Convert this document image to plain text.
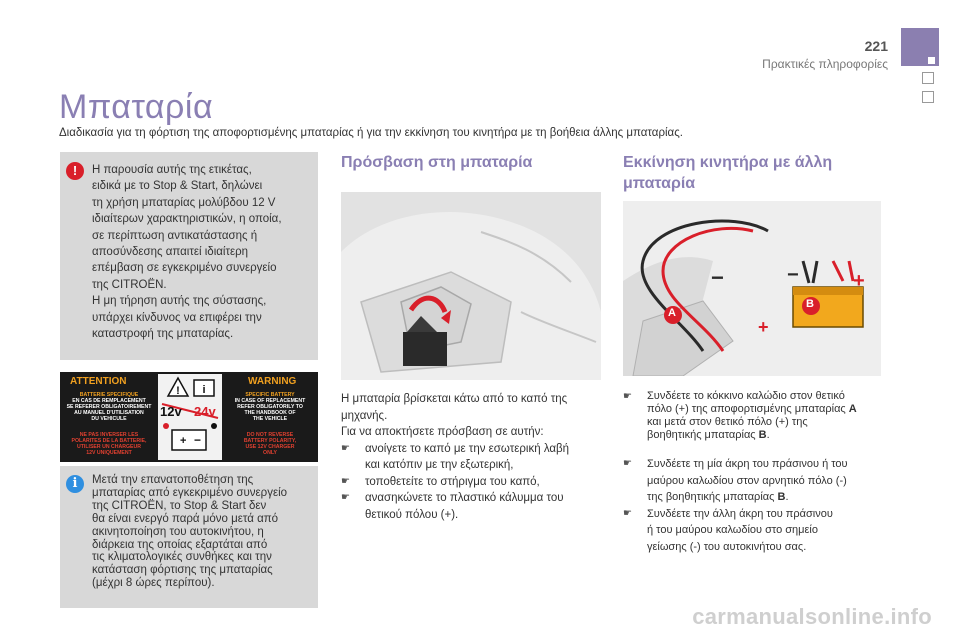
221
Πρακτικές πληροφορίες
Μπαταρία
Διαδικασία για τη φόρτιση της αποφορτισμένης μπαταρίας ή για την εκκίνηση του κινητήρα με τη βοήθεια άλλης μπαταρίας.
!	Η παρουσία αυτής της ετικέτας,
ειδικά με το Stop & Start, δηλώνει
τη χρήση μπαταρίας μολύβδου 12 V
ιδιαίτερων χαρακτηριστικών, η οποία,
σε περίπτωση αντικατάστασης ή
αποσύνδεσης απαιτεί ιδιαίτερη
επέμβαση σε εγκεκριμένο συνεργείο
της CITROËN.
Η μη τήρηση αυτής της σύστασης,
υπάρχει κίνδυνος να επιφέρει την
καταστροφή της μπαταρίας.
ATTENTION	WARNING
BATTERIE SPECIFIQUE
EN CAS DE REMPLACEMENT
SE REFERER OBLIGATOIREMENT
AU MANUEL D'UTILISATION
DU VEHICULE
NE PAS INVERSER LES
POLARITES DE LA BATTERIE,
UTILISER UN CHARGEUR
12V UNIQUEMENT
! i
+ −
12v 24v
SPECIFIC BATTERY
IN CASE OF REPLACEMENT
REFER OBLIGATORILY TO
THE HANDBOOK OF
THE VEHICLE
DO NOT REVERSE
BATTERY POLARITY,
USE 12V CHARGER
ONLY
i	Μετά την επανατοποθέτηση της
μπαταρίας από εγκεκριμένο συνεργείο
της CITROËN, το Stop & Start δεν
θα είναι ενεργό παρά μόνο μετά από
ακινητοποίηση του αυτοκινήτου, η
διάρκεια της οποίας εξαρτάται από
τις κλιματολογικές συνθήκες και την
κατάσταση φόρτισης της μπαταρίας
(μέχρι 8 ώρες περίπου).
Πρόσβαση στη μπαταρία
Η μπαταρία βρίσκεται κάτω από το καπό της
μηχανής.
Για να αποκτήσετε πρόσβαση σε αυτήν:
☛ ανοίγετε το καπό με την εσωτερική λαβή
και κατόπιν με την εξωτερική,
☛ τοποθετείτε το στήριγμα του καπό,
☛ ανασηκώνετε το πλαστικό κάλυμμα του
θετικού πόλου (+).
Εκκίνηση κινητήρα με άλλη
μπαταρία
+
−	−
+
A
B
☛ Συνδέετε το κόκκινο καλώδιο στον θετικό
πόλο (+) της αποφορτισμένης μπαταρίας A
και μετά στον θετικό πόλο (+) της
βοηθητικής μπαταρίας B.
☛ Συνδέετε τη μία άκρη του πράσινου ή του
μαύρου καλωδίου στον αρνητικό πόλο (-)
της βοηθητικής μπαταρίας B.
☛ Συνδέετε την άλλη άκρη του πράσινου
ή του μαύρου καλωδίου στο σημείο
γείωσης (-) του αυτοκινήτου σας.
carmanualsonline.info
